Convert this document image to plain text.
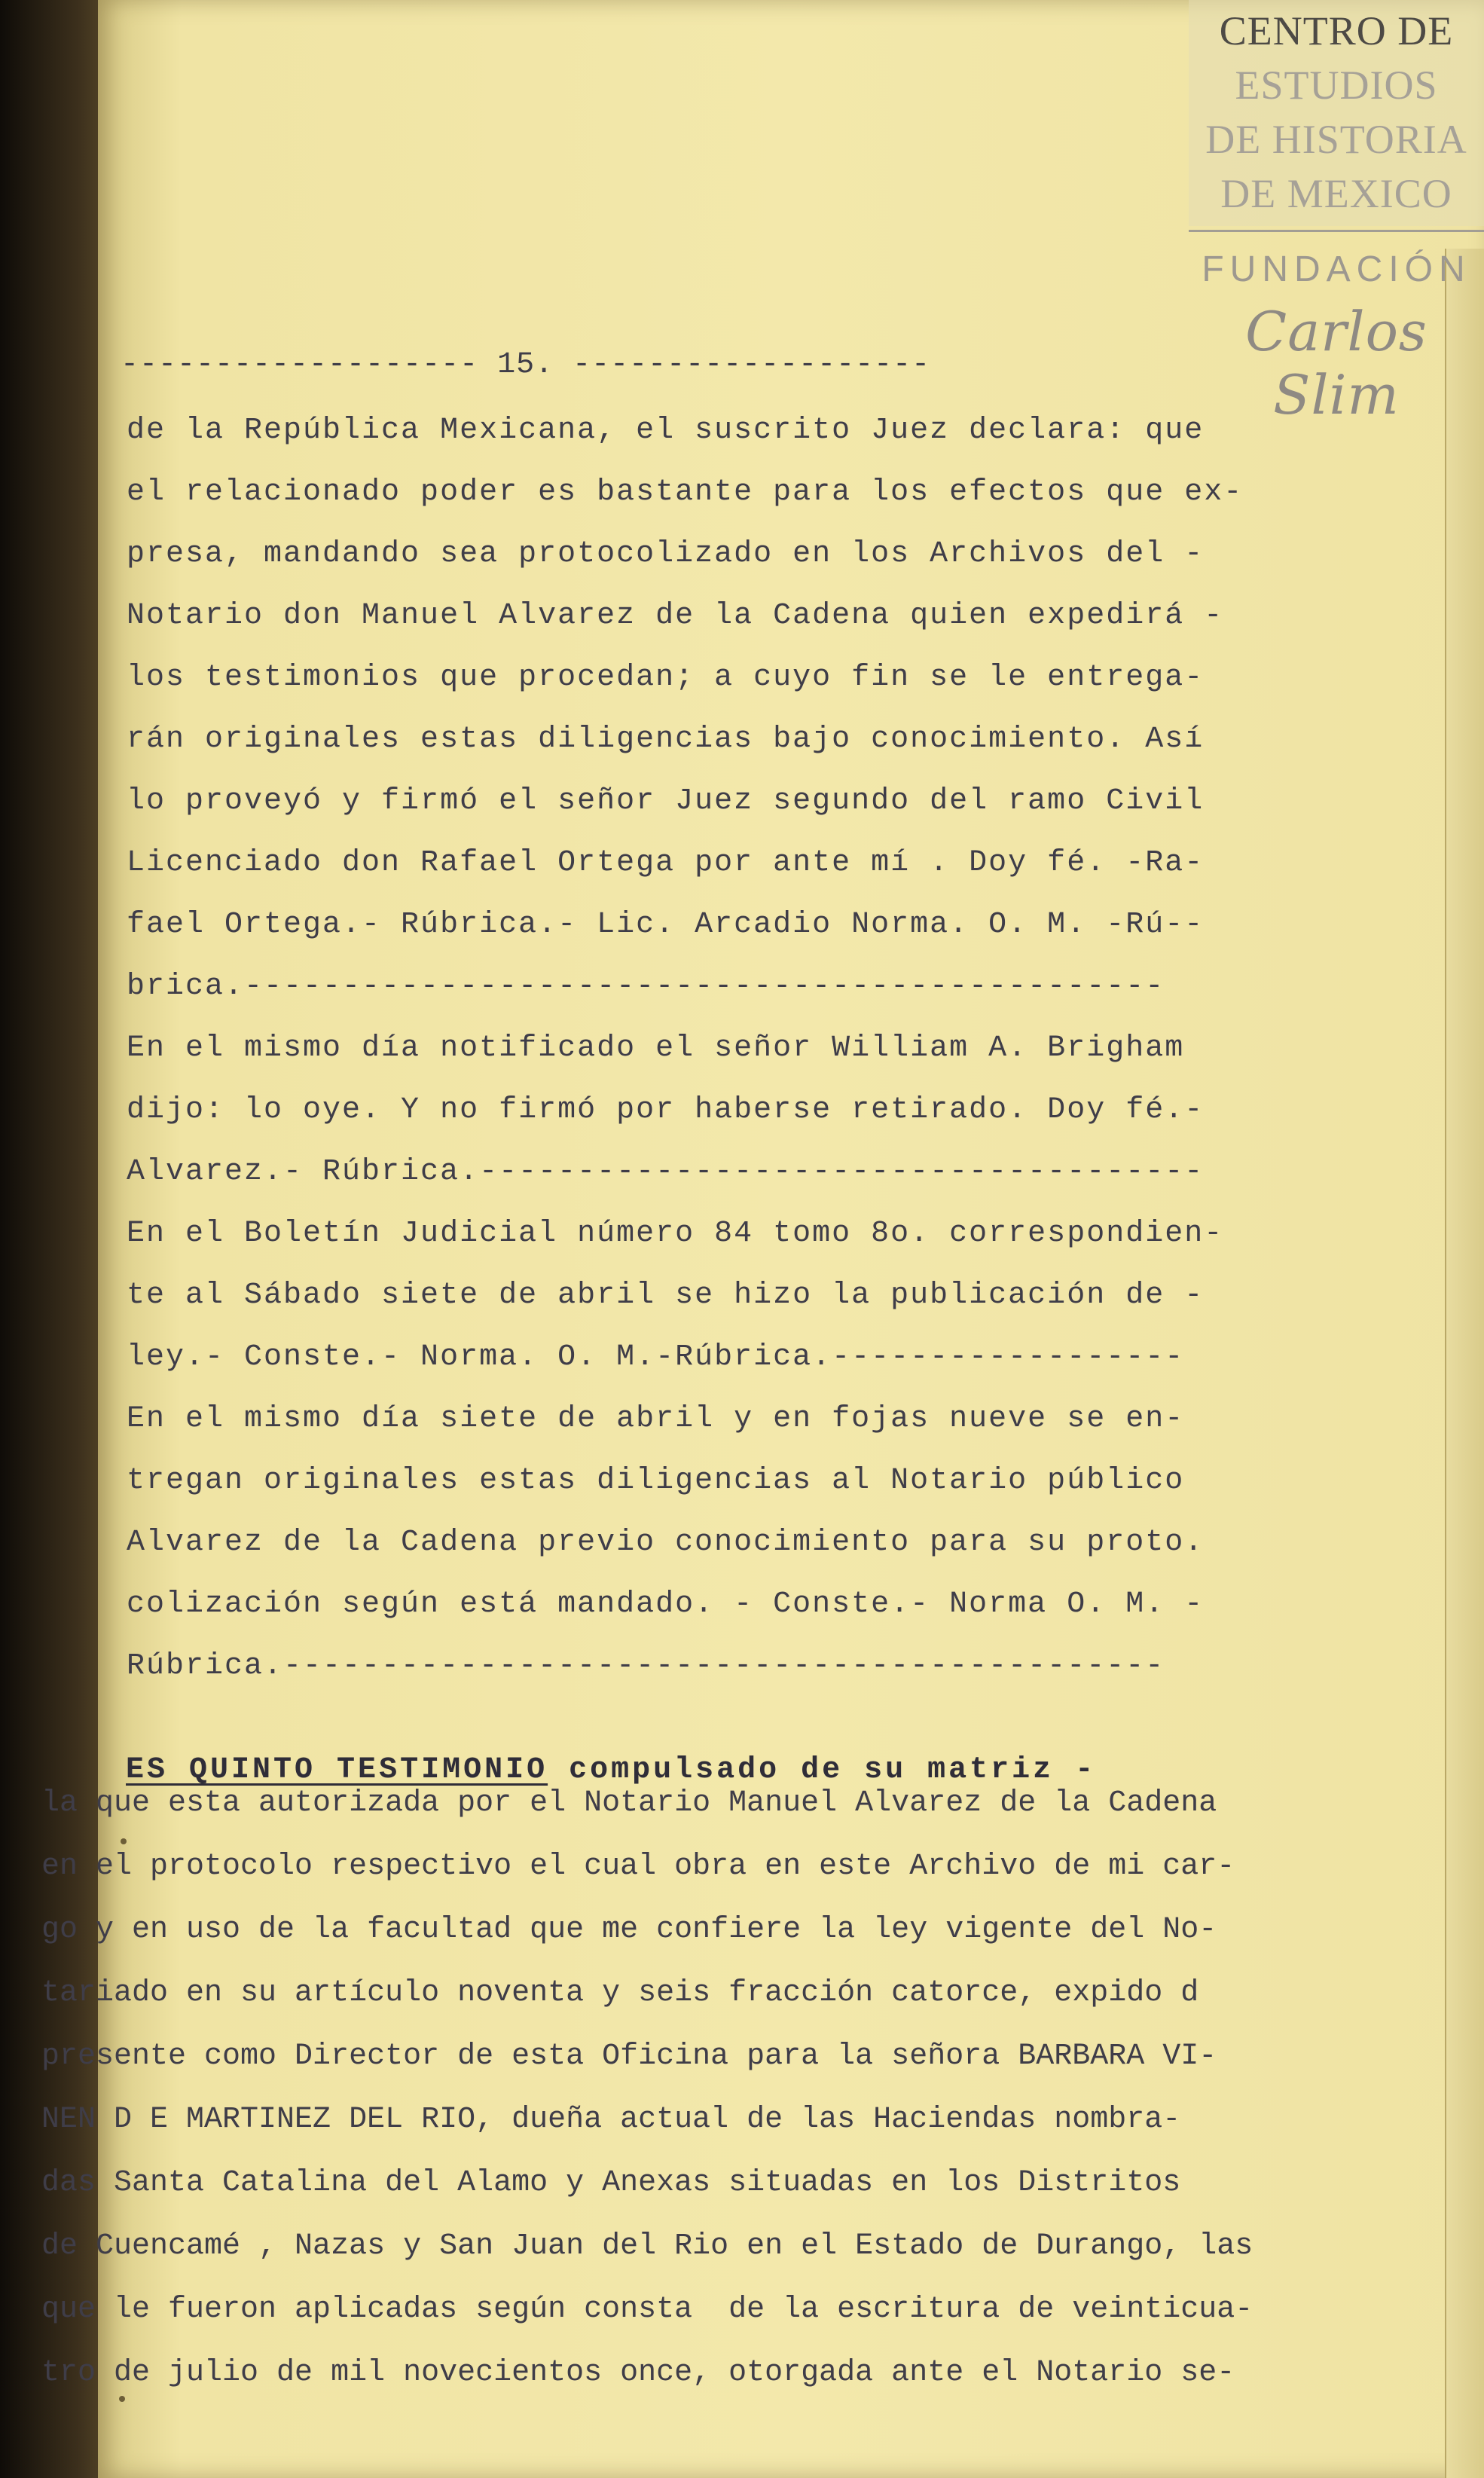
CENTRO DE
ESTUDIOS
DE HISTORIA
DE MEXICO
FUNDACIÓN
Carlos Slim
------------------- 15. -------------------
de la República Mexicana, el suscrito Juez declara: que
el relacionado poder es bastante para los efectos que ex-
presa, mandando sea protocolizado en los Archivos del -
Notario don Manuel Alvarez de la Cadena quien expedirá -
los testimonios que procedan; a cuyo fin se le entrega-
rán originales estas diligencias bajo conocimiento. Así
lo proveyó y firmó el señor Juez segundo del ramo Civil
Licenciado don Rafael Ortega por ante mí . Doy fé. -Ra-
fael Ortega.- Rúbrica.- Lic. Arcadio Norma. O. M. -Rú--
brica.-----------------------------------------------
En el mismo día notificado el señor William A. Brigham
dijo: lo oye. Y no firmó por haberse retirado. Doy fé.-
Alvarez.- Rúbrica.-------------------------------------
En el Boletín Judicial número 84 tomo 8o. correspondien-
te al Sábado siete de abril se hizo la publicación de -
ley.- Conste.- Norma. O. M.-Rúbrica.------------------
En el mismo día siete de abril y en fojas nueve se en-
tregan originales estas diligencias al Notario público
Alvarez de la Cadena previo conocimiento para su proto.
colización según está mandado. - Conste.- Norma O. M. -
Rúbrica.---------------------------------------------

ES QUINTO TESTIMONIO compulsado de su matriz -

la que esta autorizada por el Notario Manuel Alvarez de la Cadena
en el protocolo respectivo el cual obra en este Archivo de mi car-
go y en uso de la facultad que me confiere la ley vigente del No-
tariado en su artículo noventa y seis fracción catorce, expido d
presente como Director de esta Oficina para la señora BARBARA VI-
NEN D E MARTINEZ DEL RIO, dueña actual de las Haciendas nombra-
das Santa Catalina del Alamo y Anexas situadas en los Distritos
de Cuencamé , Nazas y San Juan del Rio en el Estado de Durango, las
que le fueron aplicadas según consta  de la escritura de veinticua-
tro de julio de mil novecientos once, otorgada ante el Notario se-
